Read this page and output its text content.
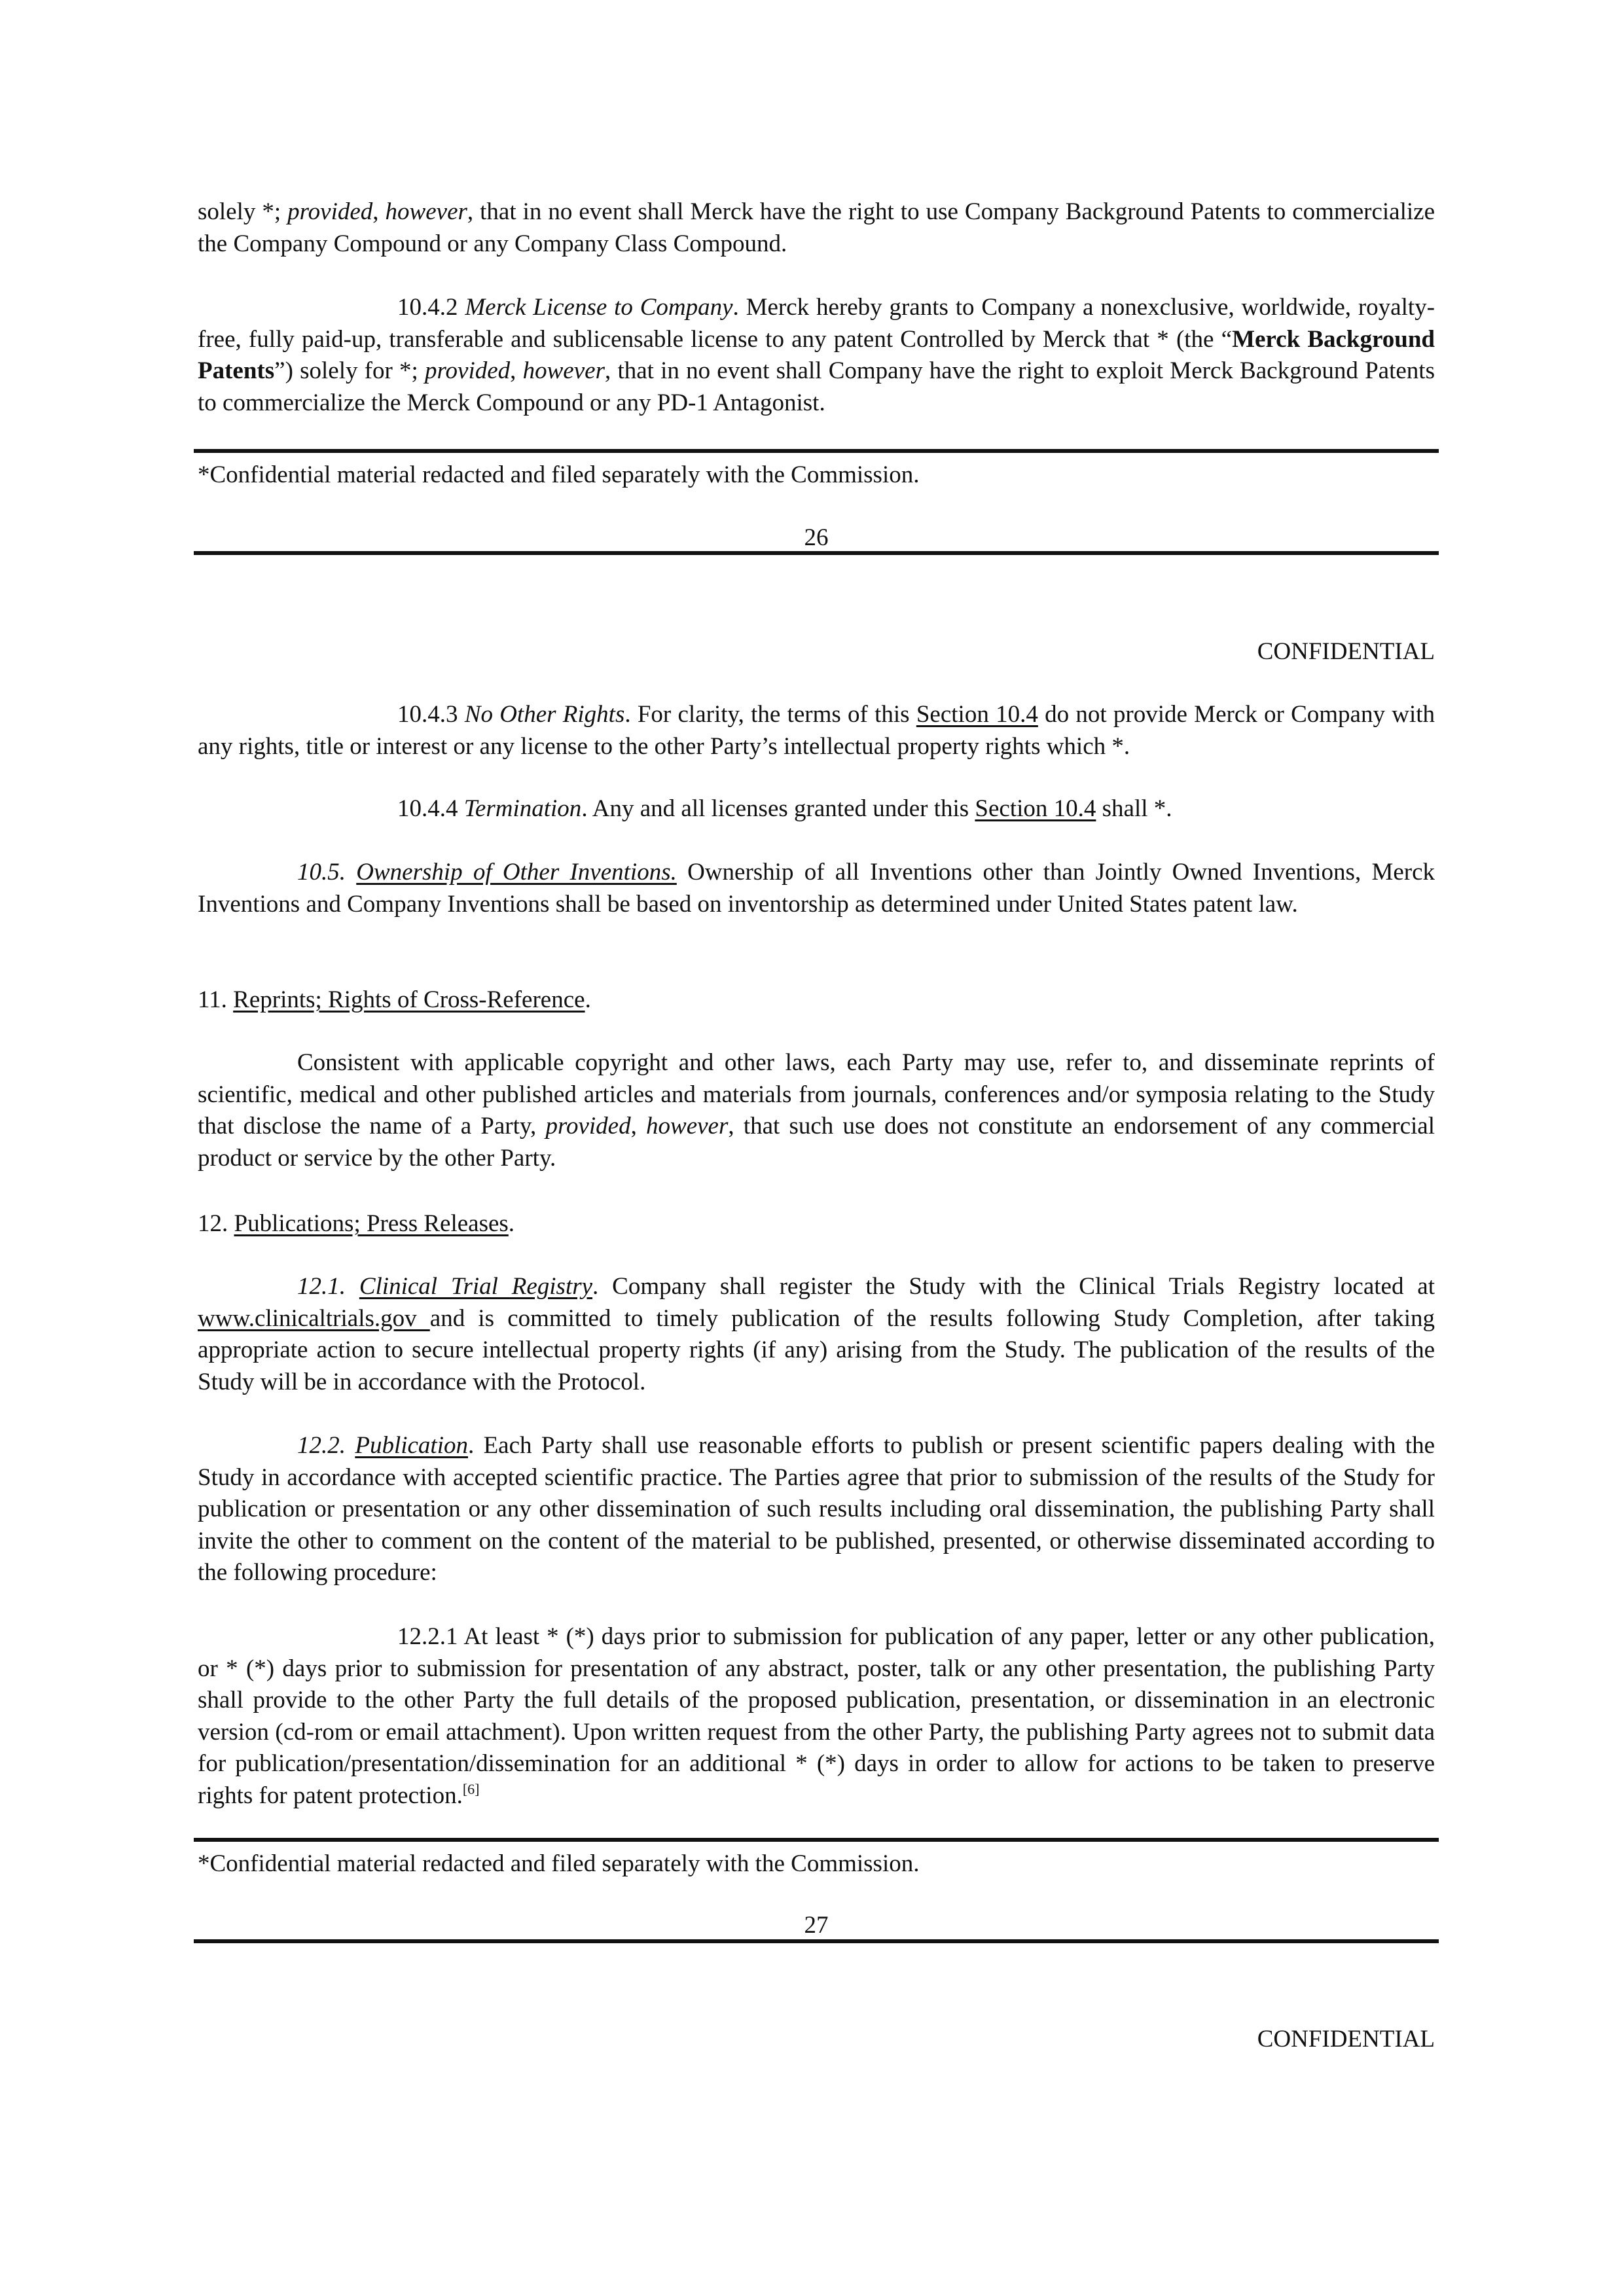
solely *; provided, however, that in no event shall Merck have the right to use Company Background Patents to commercialize the Company Compound or any Company Class Compound.

10.4.2 Merck License to Company. Merck hereby grants to Company a nonexclusive, worldwide, royalty-free, fully paid-up, transferable and sublicensable license to any patent Controlled by Merck that * (the “Merck Background Patents”) solely for *; provided, however, that in no event shall Company have the right to exploit Merck Background Patents to commercialize the Merck Compound or any PD-1 Antagonist.

*Confidential material redacted and filed separately with the Commission.

26

CONFIDENTIAL

10.4.3 No Other Rights. For clarity, the terms of this Section 10.4 do not provide Merck or Company with any rights, title or interest or any license to the other Party’s intellectual property rights which *.

10.4.4 Termination. Any and all licenses granted under this Section 10.4 shall *.

10.5. Ownership of Other Inventions. Ownership of all Inventions other than Jointly Owned Inventions, Merck Inventions and Company Inventions shall be based on inventorship as determined under United States patent law.

11. Reprints; Rights of Cross-Reference.

Consistent with applicable copyright and other laws, each Party may use, refer to, and disseminate reprints of scientific, medical and other published articles and materials from journals, conferences and/or symposia relating to the Study that disclose the name of a Party, provided, however, that such use does not constitute an endorsement of any commercial product or service by the other Party.

12. Publications; Press Releases.

12.1. Clinical Trial Registry. Company shall register the Study with the Clinical Trials Registry located at www.clinicaltrials.gov and is committed to timely publication of the results following Study Completion, after taking appropriate action to secure intellectual property rights (if any) arising from the Study. The publication of the results of the Study will be in accordance with the Protocol.

12.2. Publication. Each Party shall use reasonable efforts to publish or present scientific papers dealing with the Study in accordance with accepted scientific practice. The Parties agree that prior to submission of the results of the Study for publication or presentation or any other dissemination of such results including oral dissemination, the publishing Party shall invite the other to comment on the content of the material to be published, presented, or otherwise disseminated according to the following procedure:

12.2.1 At least * (*) days prior to submission for publication of any paper, letter or any other publication, or * (*) days prior to submission for presentation of any abstract, poster, talk or any other presentation, the publishing Party shall provide to the other Party the full details of the proposed publication, presentation, or dissemination in an electronic version (cd-rom or email attachment). Upon written request from the other Party, the publishing Party agrees not to submit data for publication/presentation/dissemination for an additional * (*) days in order to allow for actions to be taken to preserve rights for patent protection.[6]

*Confidential material redacted and filed separately with the Commission.

27

CONFIDENTIAL
